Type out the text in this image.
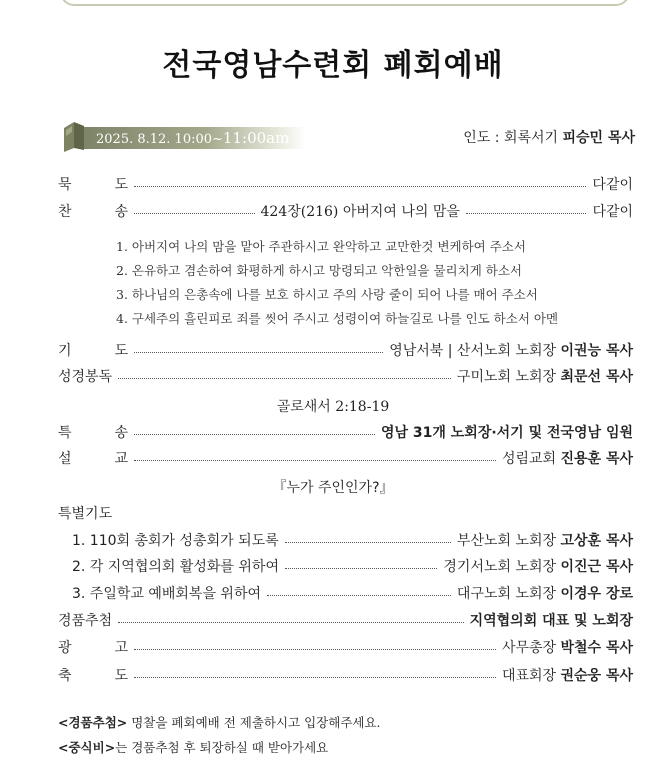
전국영남수련회 폐회예배
2025. 8.12. 10:00~11:00am	인도 : 회록서기 피승민 목사
묵	도	다같이
찬	송	424장(216) 아버지여 나의 맘을	다같이
1. 아버지여 나의 맘을 맡아 주관하시고 완악하고 교만한것 변케하여 주소서
2. 온유하고 겸손하여 화평하게 하시고 망령되고 악한일을 물리치게 하소서
3. 하나님의 은총속에 나를 보호 하시고 주의 사랑 줄이 되어 나를 매어 주소서
4. 구세주의 흘린피로 죄를 씻어 주시고 성령이여 하늘길로 나를 인도 하소서 아멘
기	도	영남서북 | 산서노회 노회장 이권능 목사
성경봉독	구미노회 노회장 최문선 목사
골로새서 2:18-19
특	송	영남 31개 노회장·서기 및 전국영남 임원
설	교	성림교회 진용훈 목사
『누가 주인인가?』
특별기도
1. 110회 총회가 성총회가 되도록	부산노회 노회장 고상훈 목사
2. 각 지역협의회 활성화를 위하여	경기서노회 노회장 이진근 목사
3. 주일학교 예배회복을 위하여	대구노회 노회장 이경우 장로
경품추첨	지역협의회 대표 및 노회장
광	고	사무총장 박철수 목사
축	도	대표회장 권순웅 목사
<경품추첨> 명찰을 폐회예배 전 제출하시고 입장해주세요.
<중식비>는 경품추첨 후 퇴장하실 때 받아가세요
